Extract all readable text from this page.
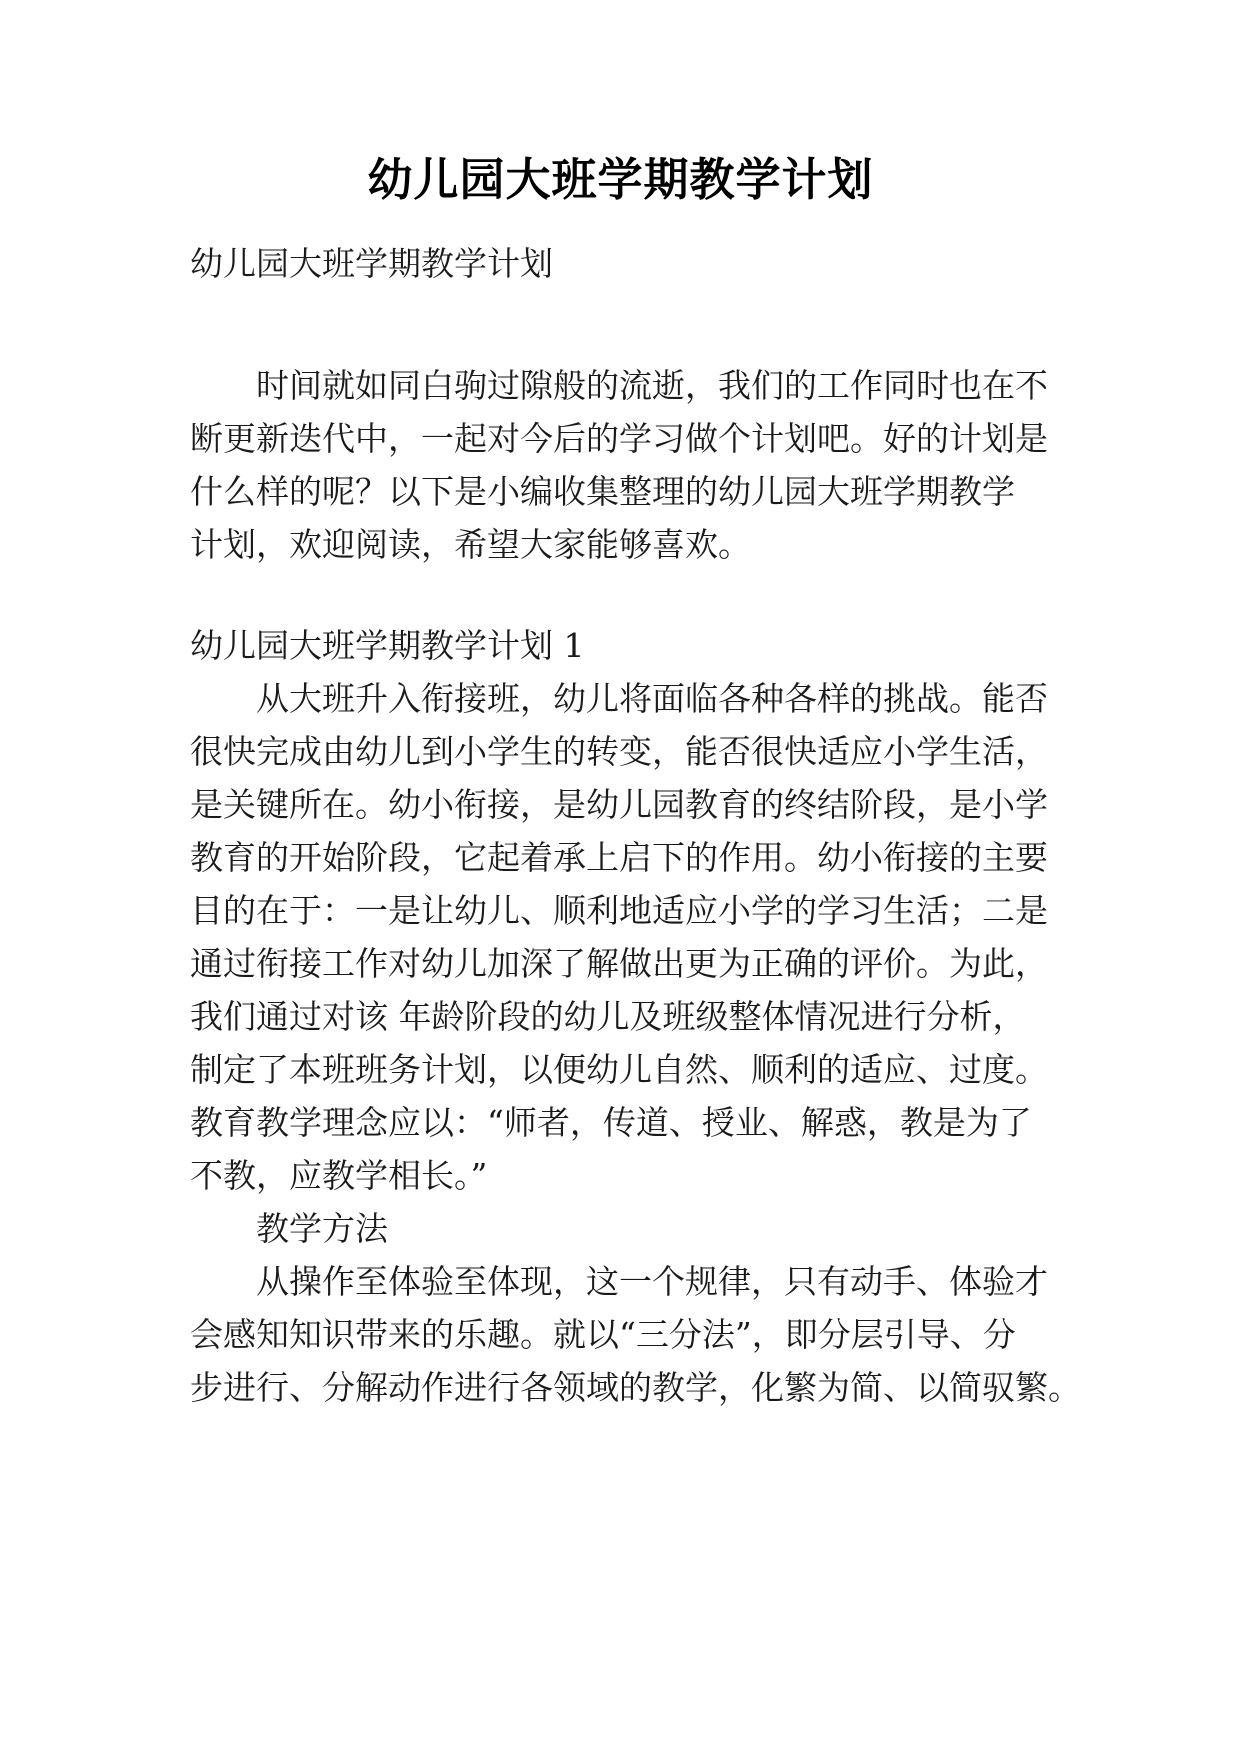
幼儿园大班学期教学计划
幼儿园大班学期教学计划
时间就如同白驹过隙般的流逝，我们的工作同时也在不
断更新迭代中，一起对今后的学习做个计划吧。好的计划是
什么样的呢？以下是小编收集整理的幼儿园大班学期教学
计划，欢迎阅读，希望大家能够喜欢。
幼儿园大班学期教学计划 1
从大班升入衔接班，幼儿将面临各种各样的挑战。能否
很快完成由幼儿到小学生的转变，能否很快适应小学生活，
是关键所在。幼小衔接，是幼儿园教育的终结阶段，是小学
教育的开始阶段，它起着承上启下的作用。幼小衔接的主要
目的在于：一是让幼儿、顺利地适应小学的学习生活；二是
通过衔接工作对幼儿加深了解做出更为正确的评价。为此，
我们通过对该 年龄阶段的幼儿及班级整体情况进行分析，
制定了本班班务计划，以便幼儿自然、顺利的适应、过度。
教育教学理念应以：“师者，传道、授业、解惑，教是为了
不教，应教学相长。”
教学方法
从操作至体验至体现，这一个规律，只有动手、体验才
会感知知识带来的乐趣。就以“三分法”，即分层引导、分
步进行、分解动作进行各领域的教学，化繁为简、以简驭繁。
